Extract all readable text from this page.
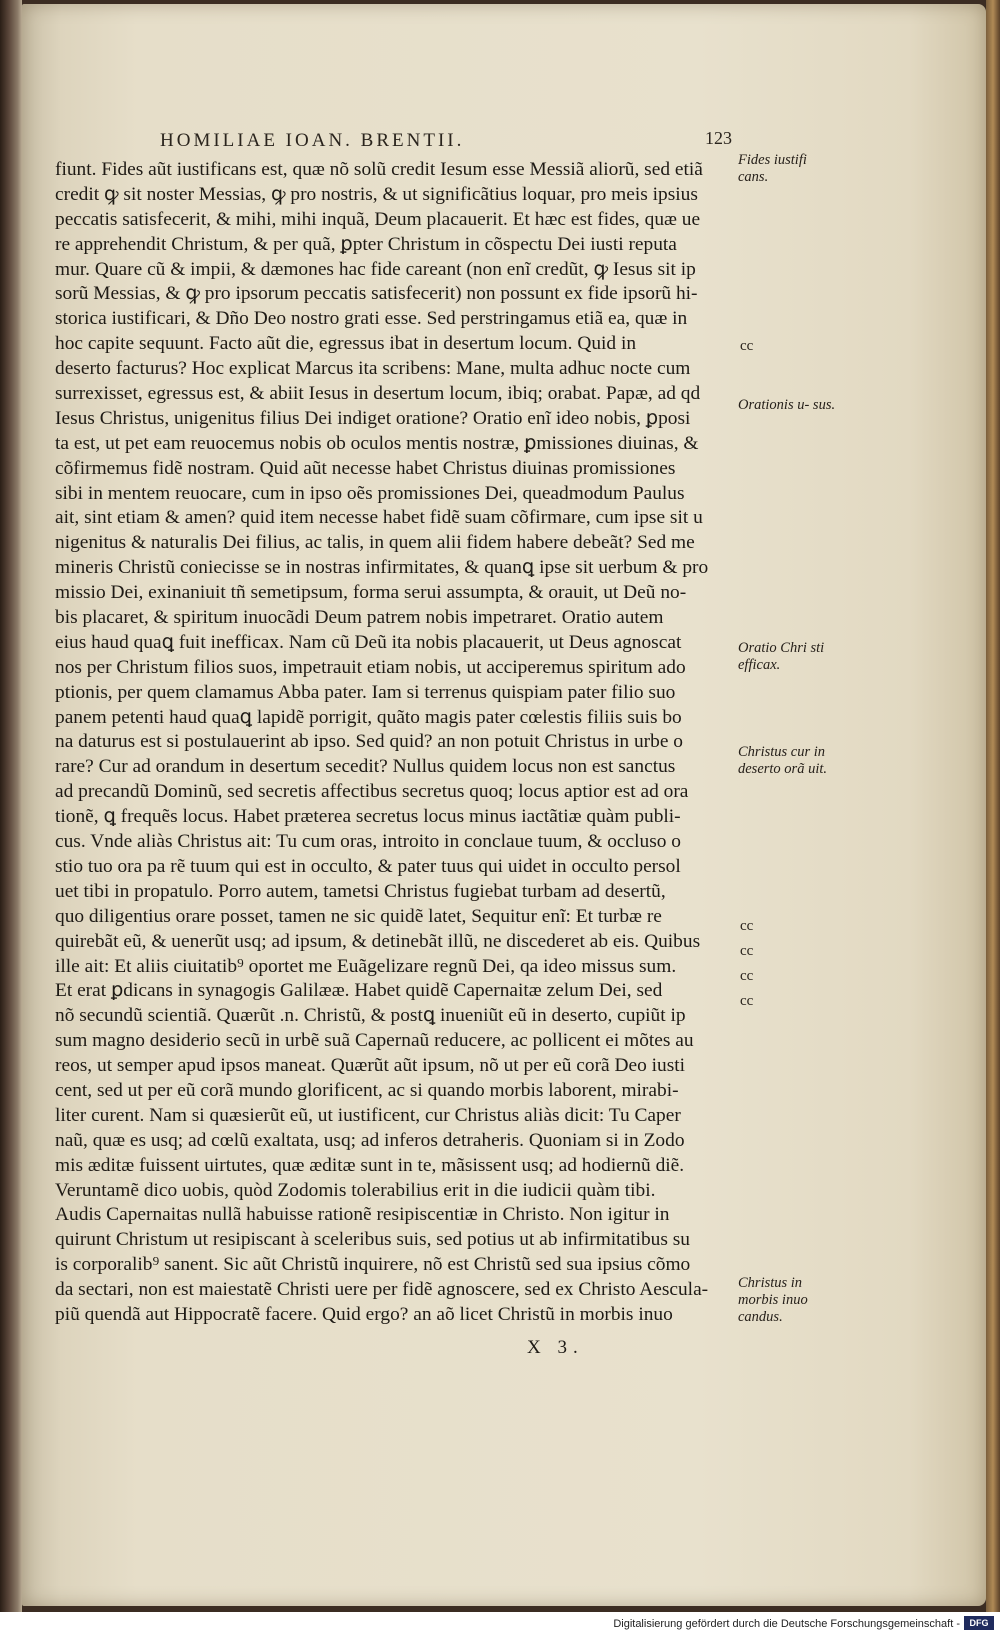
HOMILIAE IOAN. BRENTII.	123
fiunt. Fides aũt iustificans est, quæ nõ solũ credit Iesum esse Messiã aliorũ, sed etiã
credit ꝙ sit noster Messias, ꝙ pro nostris, & ut significãtius loquar, pro meis ipsius
peccatis satisfecerit, & mihi, mihi inquã, Deum placauerit. Et hæc est fides, quæ ue
re apprehendit Christum, & per quã, ꝑpter Christum in cõspectu Dei iusti reputa
mur. Quare cũ & impii, & dæmones hac fide careant (non enĩ credũt, ꝙ Iesus sit ip
sorũ Messias, & ꝙ pro ipsorum peccatis satisfecerit) non possunt ex fide ipsorũ hi-
storica iustificari, & Dño Deo nostro grati esse. Sed perstringamus etiã ea, quæ in
hoc capite sequunt. Facto aũt die, egressus ibat in desertum locum. Quid in
deserto facturus? Hoc explicat Marcus ita scribens: Mane, multa adhuc nocte cum
surrexisset, egressus est, & abiit Iesus in desertum locum, ibiq; orabat. Papæ, ad qd
Iesus Christus, unigenitus filius Dei indiget oratione? Oratio enĩ ideo nobis, ꝑposi
ta est, ut pet eam reuocemus nobis ob oculos mentis nostræ, ꝑmissiones diuinas, &
cõfirmemus fidẽ nostram. Quid aũt necesse habet Christus diuinas promissiones
sibi in mentem reuocare, cum in ipso oẽs promissiones Dei, queadmodum Paulus
ait, sint etiam & amen? quid item necesse habet fidẽ suam cõfirmare, cum ipse sit u
nigenitus & naturalis Dei filius, ac talis, in quem alii fidem habere debeãt? Sed me
mineris Christũ coniecisse se in nostras infirmitates, & quanꝗ ipse sit uerbum & pro
missio Dei, exinaniuit tñ semetipsum, forma serui assumpta, & orauit, ut Deũ no-
bis placaret, & spiritum inuocãdi Deum patrem nobis impetraret. Oratio autem
eius haud quaꝗ fuit inefficax. Nam cũ Deũ ita nobis placauerit, ut Deus agnoscat
nos per Christum filios suos, impetrauit etiam nobis, ut acciperemus spiritum ado
ptionis, per quem clamamus Abba pater. Iam si terrenus quispiam pater filio suo
panem petenti haud quaꝗ lapidẽ porrigit, quãto magis pater cœlestis filiis suis bo
na daturus est si postulauerint ab ipso. Sed quid? an non potuit Christus in urbe o
rare? Cur ad orandum in desertum secedit? Nullus quidem locus non est sanctus
ad precandũ Dominũ, sed secretis affectibus secretus quoq; locus aptior est ad ora
tionẽ, ꝗ frequẽs locus. Habet præterea secretus locus minus iactãtiæ quàm publi-
cus. Vnde aliàs Christus ait: Tu cum oras, introito in conclaue tuum, & occluso o
stio tuo ora pa rẽ tuum qui est in occulto, & pater tuus qui uidet in occulto persol
uet tibi in propatulo. Porro autem, tametsi Christus fugiebat turbam ad desertũ,
quo diligentius orare posset, tamen ne sic quidẽ latet, Sequitur enĩ: Et turbæ re
quirebãt eũ, & uenerũt usq; ad ipsum, & detinebãt illũ, ne discederet ab eis. Quibus
ille ait: Et aliis ciuitatib⁹ oportet me Euãgelizare regnũ Dei, qa ideo missus sum.
Et erat ꝑdicans in synagogis Galilææ. Habet quidẽ Capernaitæ zelum Dei, sed
nõ secundũ scientiã. Quærũt .n. Christũ, & postꝗ inueniũt eũ in deserto, cupiũt ip
sum magno desiderio secũ in urbẽ suã Capernaũ reducere, ac pollicent ei mõtes au
reos, ut semper apud ipsos maneat. Quærũt aũt ipsum, nõ ut per eũ corã Deo iusti
cent, sed ut per eũ corã mundo glorificent, ac si quando morbis laborent, mirabi-
liter curent. Nam si quæsierũt eũ, ut iustificent, cur Christus aliàs dicit: Tu Caper
naũ, quæ es usq; ad cœlũ exaltata, usq; ad inferos detraheris. Quoniam si in Zodo
mis æditæ fuissent uirtutes, quæ æditæ sunt in te, mãsissent usq; ad hodiernũ diẽ.
Veruntamẽ dico uobis, quòd Zodomis tolerabilius erit in die iudicii quàm tibi.
Audis Capernaitas nullã habuisse rationẽ resipiscentiæ in Christo. Non igitur in
quirunt Christum ut resipiscant à sceleribus suis, sed potius ut ab infirmitatibus su
is corporalib⁹ sanent. Sic aũt Christũ inquirere, nõ est Christũ sed sua ipsius cõmo
da sectari, non est maiestatẽ Christi uere per fidẽ agnoscere, sed ex Christo Aescula-
piũ quendã aut Hippocratẽ facere. Quid ergo? an aõ licet Christũ in morbis inuo
Fides iustifi cans.
Orationis u- sus.
Oratio Chri sti efficax.
Christus cur in deserto orã uit.
Christus in morbis inuo candus.
cc
cc
cc
cc
cc
X 3.
Digitalisierung gefördert durch die Deutsche Forschungsgemeinschaft -	DFG
